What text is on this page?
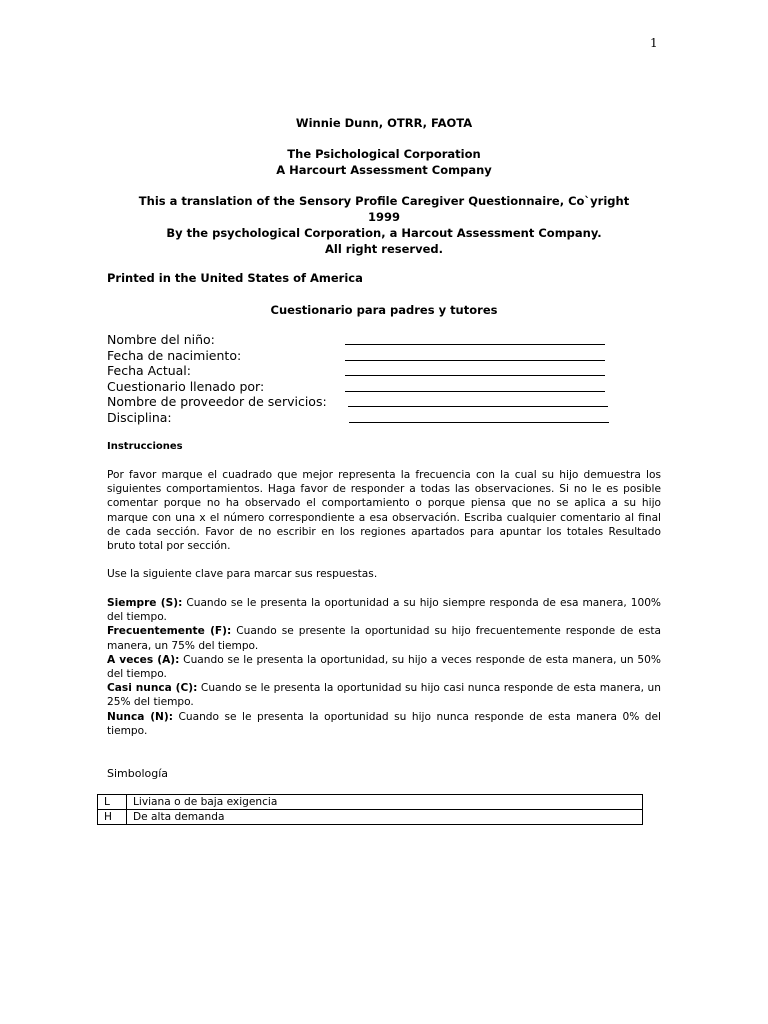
1
Winnie Dunn, OTRR, FAOTA
The Psichological Corporation
A Harcourt Assessment Company
This a translation of the Sensory Profile Caregiver Questionnaire, Co`yright
1999
By the psychological Corporation, a Harcout Assessment Company.
All right reserved.
Printed in the United States of America
Cuestionario para padres y tutores
Nombre del niño:
Fecha de nacimiento:
Fecha Actual:
Cuestionario llenado por:
Nombre de proveedor de servicios:
Disciplina:
Instrucciones
Por favor marque el cuadrado que mejor representa la frecuencia con la cual su hijo demuestra los siguientes comportamientos. Haga favor de responder a todas las observaciones. Si no le es posible comentar porque no ha observado el comportamiento o porque piensa que no se aplica a su hijo marque con una x el número correspondiente a esa observación. Escriba cualquier comentario al final de cada sección. Favor de no escribir en los regiones apartados para apuntar los totales Resultado bruto total por sección.
Use la siguiente clave para marcar sus respuestas.

Siempre (S): Cuando se le presenta la oportunidad a su hijo siempre responda de esa manera, 100% del tiempo.

Frecuentemente (F): Cuando se presente la oportunidad su hijo frecuentemente responde de esta manera, un 75% del tiempo.

A veces (A): Cuando se le presenta la oportunidad, su hijo a veces responde de esta manera, un 50% del tiempo.

Casi nunca (C): Cuando se le presenta la oportunidad su hijo casi nunca responde de esta manera, un 25% del tiempo.

Nunca (N): Cuando se le presenta la oportunidad su hijo nunca responde de esta manera 0% del tiempo.

Simbología
L	Liviana o de baja exigencia
H	De alta demanda
